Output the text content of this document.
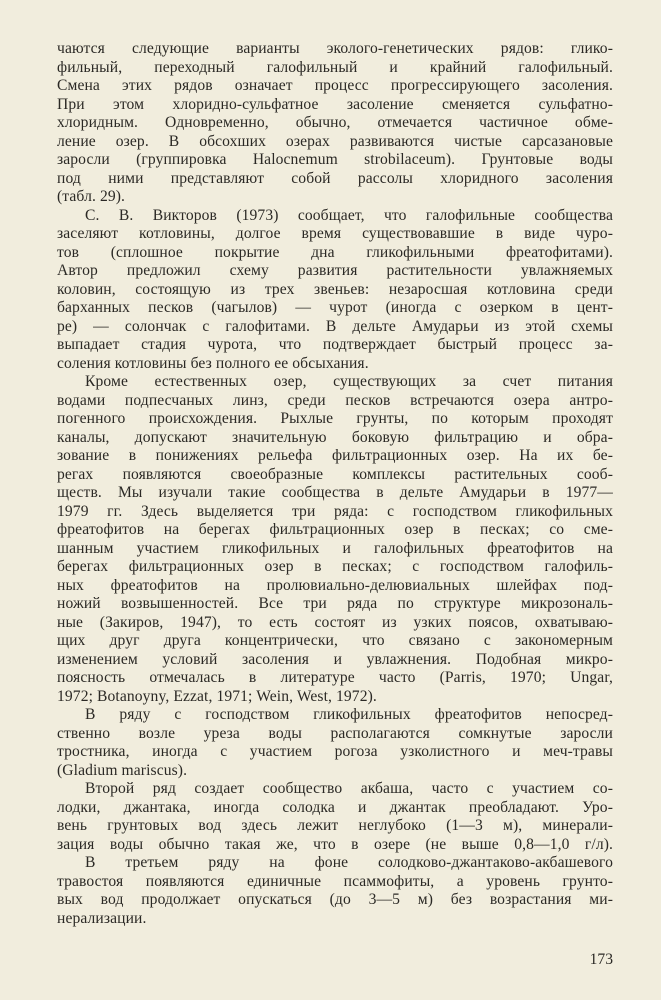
чаются следующие варианты эколого-генетических рядов: глико-
фильный, переходный галофильный и крайний галофильный.
Смена этих рядов означает процесс прогрессирующего засоления.
При этом хлоридно-сульфатное засоление сменяется сульфатно-
хлоридным. Одновременно, обычно, отмечается частичное обме-
ление озер. В обсохших озерах развиваются чистые сарсазановые
заросли (группировка Halocnemum strobilaceum). Грунтовые воды
под ними представляют собой рассолы хлоридного засоления
(табл. 29).
С. В. Викторов (1973) сообщает, что галофильные сообщества
заселяют котловины, долгое время существовавшие в виде чуро-
тов (сплошное покрытие дна гликофильными фреатофитами).
Автор предложил схему развития растительности увлажняемых
коловин, состоящую из трех звеньев: незаросшая котловина среди
барханных песков (чагылов) — чурот (иногда с озерком в цент-
ре) — солончак с галофитами. В дельте Амударьи из этой схемы
выпадает стадия чурота, что подтверждает быстрый процесс за-
соления котловины без полного ее обсыхания.
Кроме естественных озер, существующих за счет питания
водами подпесчаных линз, среди песков встречаются озера антро-
погенного происхождения. Рыхлые грунты, по которым проходят
каналы, допускают значительную боковую фильтрацию и обра-
зование в понижениях рельефа фильтрационных озер. На их бе-
регах появляются своеобразные комплексы растительных сооб-
ществ. Мы изучали такие сообщества в дельте Амударьи в 1977—
1979 гг. Здесь выделяется три ряда: с господством гликофильных
фреатофитов на берегах фильтрационных озер в песках; со сме-
шанным участием гликофильных и галофильных фреатофитов на
берегах фильтрационных озер в песках; с господством галофиль-
ных фреатофитов на пролювиально-делювиальных шлейфах под-
ножий возвышенностей. Все три ряда по структуре микрозональ-
ные (Закиров, 1947), то есть состоят из узких поясов, охватываю-
щих друг друга концентрически, что связано с закономерным
изменением условий засоления и увлажнения. Подобная микро-
поясность отмечалась в литературе часто (Parris, 1970; Ungar,
1972; Botanoyny, Ezzat, 1971; Wein, West, 1972).
В ряду с господством гликофильных фреатофитов непосред-
ственно возле уреза воды располагаются сомкнутые заросли
тростника, иногда с участием рогоза узколистного и меч-травы
(Gladium mariscus).
Второй ряд создает сообщество акбаша, часто с участием со-
лодки, джантака, иногда солодка и джантак преобладают. Уро-
вень грунтовых вод здесь лежит неглубоко (1—3 м), минерали-
зация воды обычно такая же, что в озере (не выше 0,8—1,0 г/л).
В третьем ряду на фоне солодково-джантаково-акбашевого
травостоя появляются единичные псаммофиты, а уровень грунто-
вых вод продолжает опускаться (до 3—5 м) без возрастания ми-
нерализации.
173
